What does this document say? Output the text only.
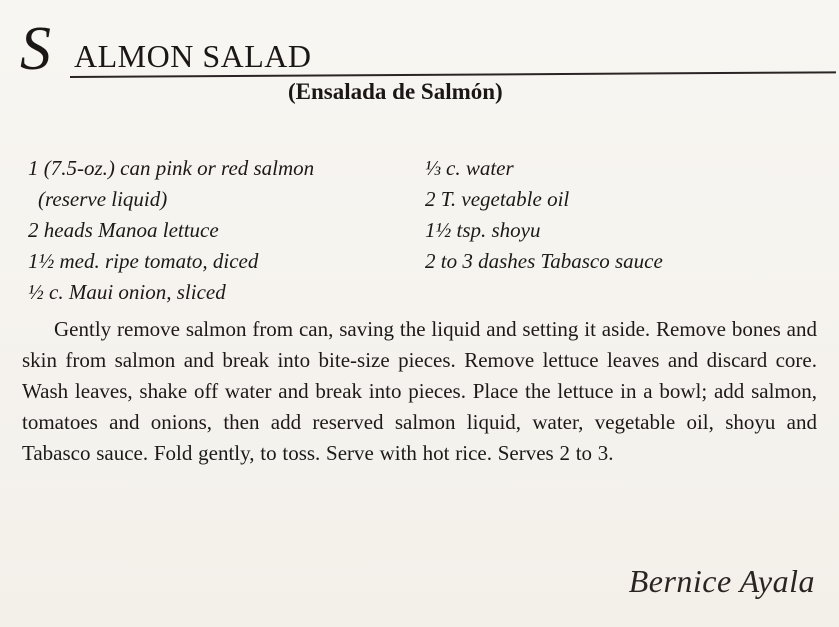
S ALMON SALAD
(Ensalada de Salmón)
1 (7.5-oz.) can pink or red salmon
(reserve liquid)
2 heads Manoa lettuce
1½ med. ripe tomato, diced
½ c. Maui onion, sliced
⅓ c. water
2 T. vegetable oil
1½ tsp. shoyu
2 to 3 dashes Tabasco sauce
Gently remove salmon from can, saving the liquid and setting it aside. Remove bones and skin from salmon and break into bite-size pieces. Remove lettuce leaves and discard core. Wash leaves, shake off water and break into pieces. Place the lettuce in a bowl; add salmon, tomatoes and onions, then add reserved salmon liquid, water, vegetable oil, shoyu and Tabasco sauce. Fold gently, to toss. Serve with hot rice. Serves 2 to 3.
Bernice Ayala
